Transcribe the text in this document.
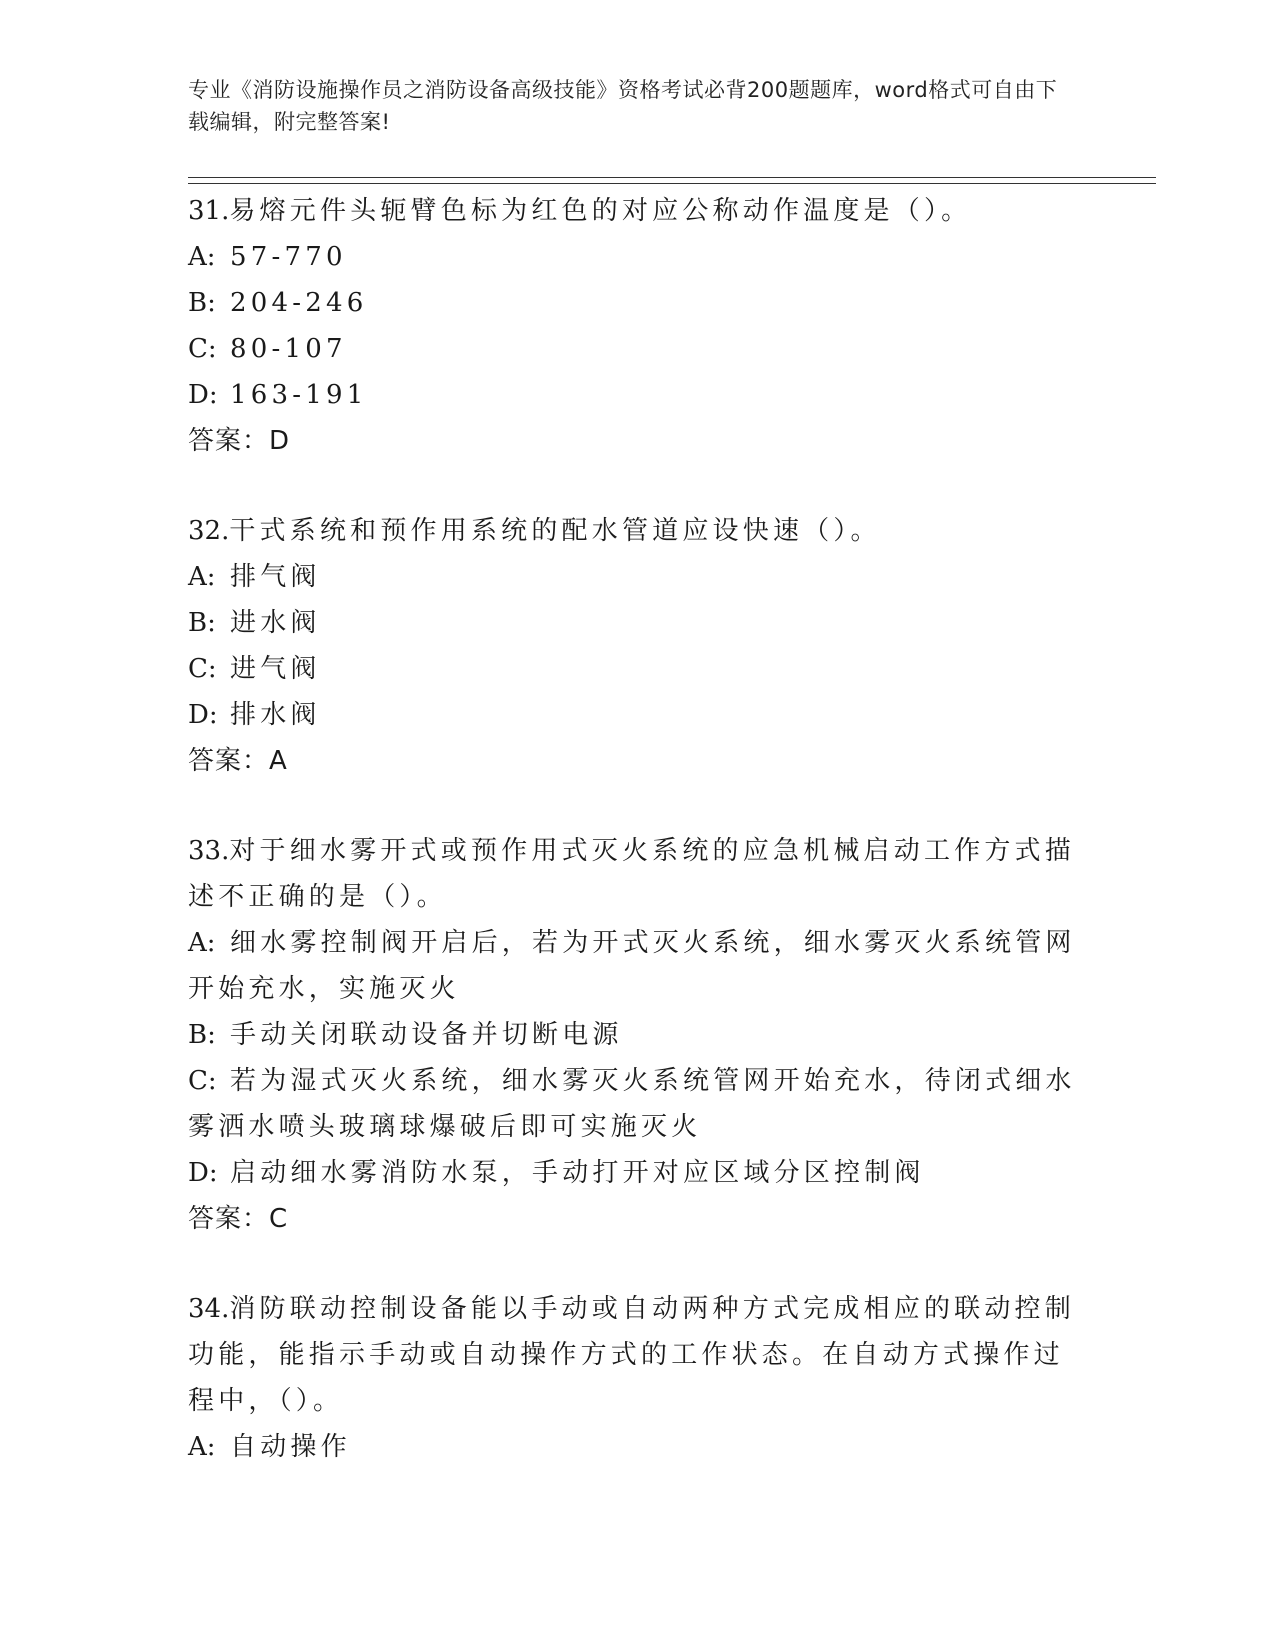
专业《消防设施操作员之消防设备高级技能》资格考试必背200题题库，word格式可自由下载编辑，附完整答案!
31.易熔元件头轭臂色标为红色的对应公称动作温度是（）。
A: 57-770
B: 204-246
C: 80-107
D: 163-191
答案：D
32.干式系统和预作用系统的配水管道应设快速（）。
A: 排气阀
B: 进水阀
C: 进气阀
D: 排水阀
答案：A
33.对于细水雾开式或预作用式灭火系统的应急机械启动工作方式描述不正确的是（）。
A: 细水雾控制阀开启后，若为开式灭火系统，细水雾灭火系统管网开始充水，实施灭火
B: 手动关闭联动设备并切断电源
C: 若为湿式灭火系统，细水雾灭火系统管网开始充水，待闭式细水雾洒水喷头玻璃球爆破后即可实施灭火
D: 启动细水雾消防水泵，手动打开对应区域分区控制阀
答案：C
34.消防联动控制设备能以手动或自动两种方式完成相应的联动控制功能，能指示手动或自动操作方式的工作状态。在自动方式操作过程中，（）。
A: 自动操作
